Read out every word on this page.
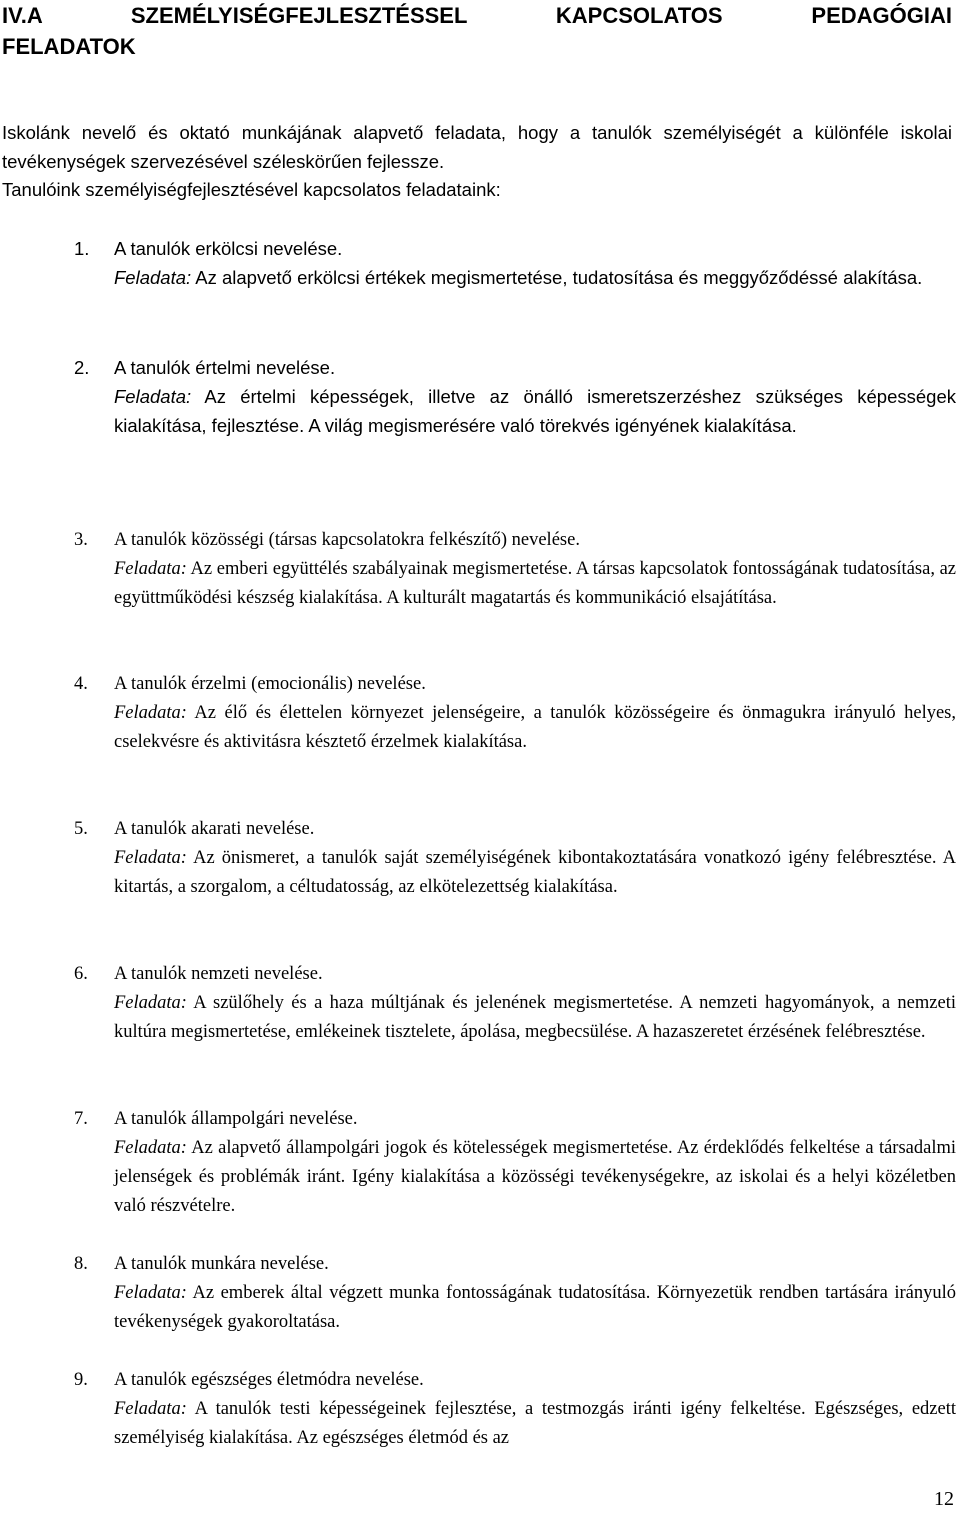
IV.A SZEMÉLYISÉGFEJLESZTÉSSEL KAPCSOLATOS PEDAGÓGIAI
FELADATOK

Iskolánk nevelő és oktató munkájának alapvető feladata, hogy a tanulók személyiségét a különféle iskolai tevékenységek szervezésével széleskörűen fejlessze.

Tanulóink személyiségfejlesztésével kapcsolatos feladataink:

1.	A tanulók erkölcsi nevelése.
Feladata: Az alapvető erkölcsi értékek megismertetése, tudatosítása és meggyőződéssé alakítása.
2.	A tanulók értelmi nevelése.
Feladata: Az értelmi képességek, illetve az önálló ismeretszerzéshez szükséges képességek kialakítása, fejlesztése. A világ megismerésére való törekvés igényének kialakítása.
3.	A tanulók közösségi (társas kapcsolatokra felkészítő) nevelése.
Feladata: Az emberi együttélés szabályainak megismertetése. A társas kapcsolatok fontosságának tudatosítása, az együttműködési készség kialakítása. A kulturált magatartás és kommunikáció elsajátítása.
4.	A tanulók érzelmi (emocionális) nevelése.
Feladata: Az élő és élettelen környezet jelenségeire, a tanulók közösségeire és önmagukra irányuló helyes, cselekvésre és aktivitásra késztető érzelmek kialakítása.
5.	A tanulók akarati nevelése.
Feladata: Az önismeret, a tanulók saját személyiségének kibontakoztatására vonatkozó igény felébresztése. A kitartás, a szorgalom, a céltudatosság, az elkötelezettség kialakítása.
6.	A tanulók nemzeti nevelése.
Feladata: A szülőhely és a haza múltjának és jelenének megismertetése. A nemzeti hagyományok, a nemzeti kultúra megismertetése, emlékeinek tisztelete, ápolása, megbecsülése. A hazaszeretet érzésének felébresztése.
7.	A tanulók állampolgári nevelése.
Feladata: Az alapvető állampolgári jogok és kötelességek megismertetése. Az érdeklődés felkeltése a társadalmi jelenségek és problémák iránt. Igény kialakítása a közösségi tevékenységekre, az iskolai és a helyi közéletben való részvételre.
8.	A tanulók munkára nevelése.
Feladata: Az emberek által végzett munka fontosságának tudatosítása. Környezetük rendben tartására irányuló tevékenységek gyakoroltatása.
9.	A tanulók egészséges életmódra nevelése.
Feladata: A tanulók testi képességeinek fejlesztése, a testmozgás iránti igény felkeltése. Egészséges, edzett személyiség kialakítása. Az egészséges életmód és az
12
